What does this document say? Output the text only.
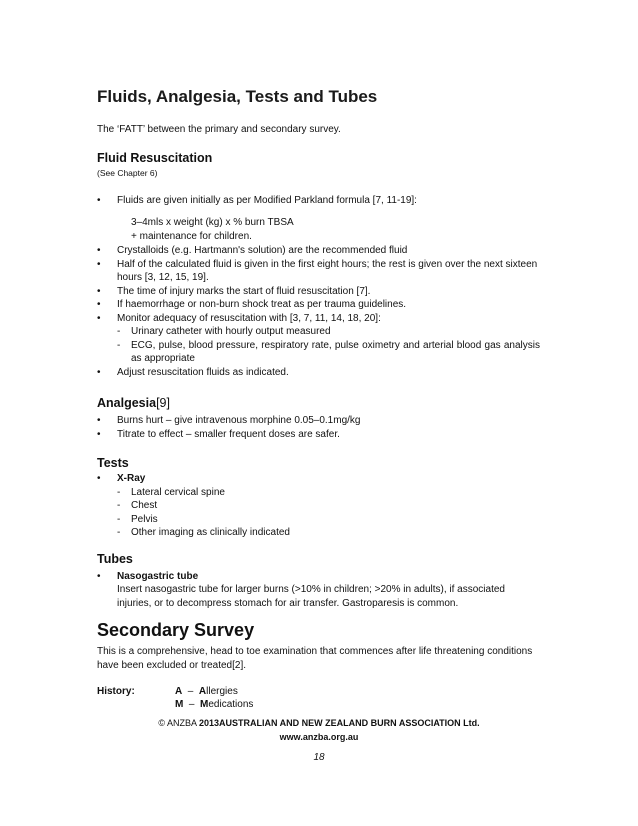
Fluids, Analgesia, Tests and Tubes
The ‘FATT’ between the primary and secondary survey.
Fluid Resuscitation
(See Chapter 6)
• Fluids are given initially as per Modified Parkland formula [7, 11-19]:
3–4mls x weight (kg) x % burn TBSA
+ maintenance for children.
• Crystalloids (e.g. Hartmann's solution) are the recommended fluid
• Half of the calculated fluid is given in the first eight hours; the rest is given over the next sixteen hours [3, 12, 15, 19].
• The time of injury marks the start of fluid resuscitation [7].
• If haemorrhage or non-burn shock treat as per trauma guidelines.
• Monitor adequacy of resuscitation with [3, 7, 11, 14, 18, 20]:
- Urinary catheter with hourly output measured
- ECG, pulse, blood pressure, respiratory rate, pulse oximetry and arterial blood gas analysis as appropriate
• Adjust resuscitation fluids as indicated.
Analgesia[9]
• Burns hurt – give intravenous morphine 0.05–0.1mg/kg
• Titrate to effect – smaller frequent doses are safer.
Tests
• X-Ray
- Lateral cervical spine
- Chest
- Pelvis
- Other imaging as clinically indicated
Tubes
• Nasogastric tube
Insert nasogastric tube for larger burns (>10% in children; >20% in adults), if associated injuries, or to decompress stomach for air transfer. Gastroparesis is common.
Secondary Survey
This is a comprehensive, head to toe examination that commences after life threatening conditions have been excluded or treated[2].
History:	A – Allergies
M – Medications
© ANZBA 2013AUSTRALIAN AND NEW ZEALAND BURN ASSOCIATION Ltd.
www.anzba.org.au
18
